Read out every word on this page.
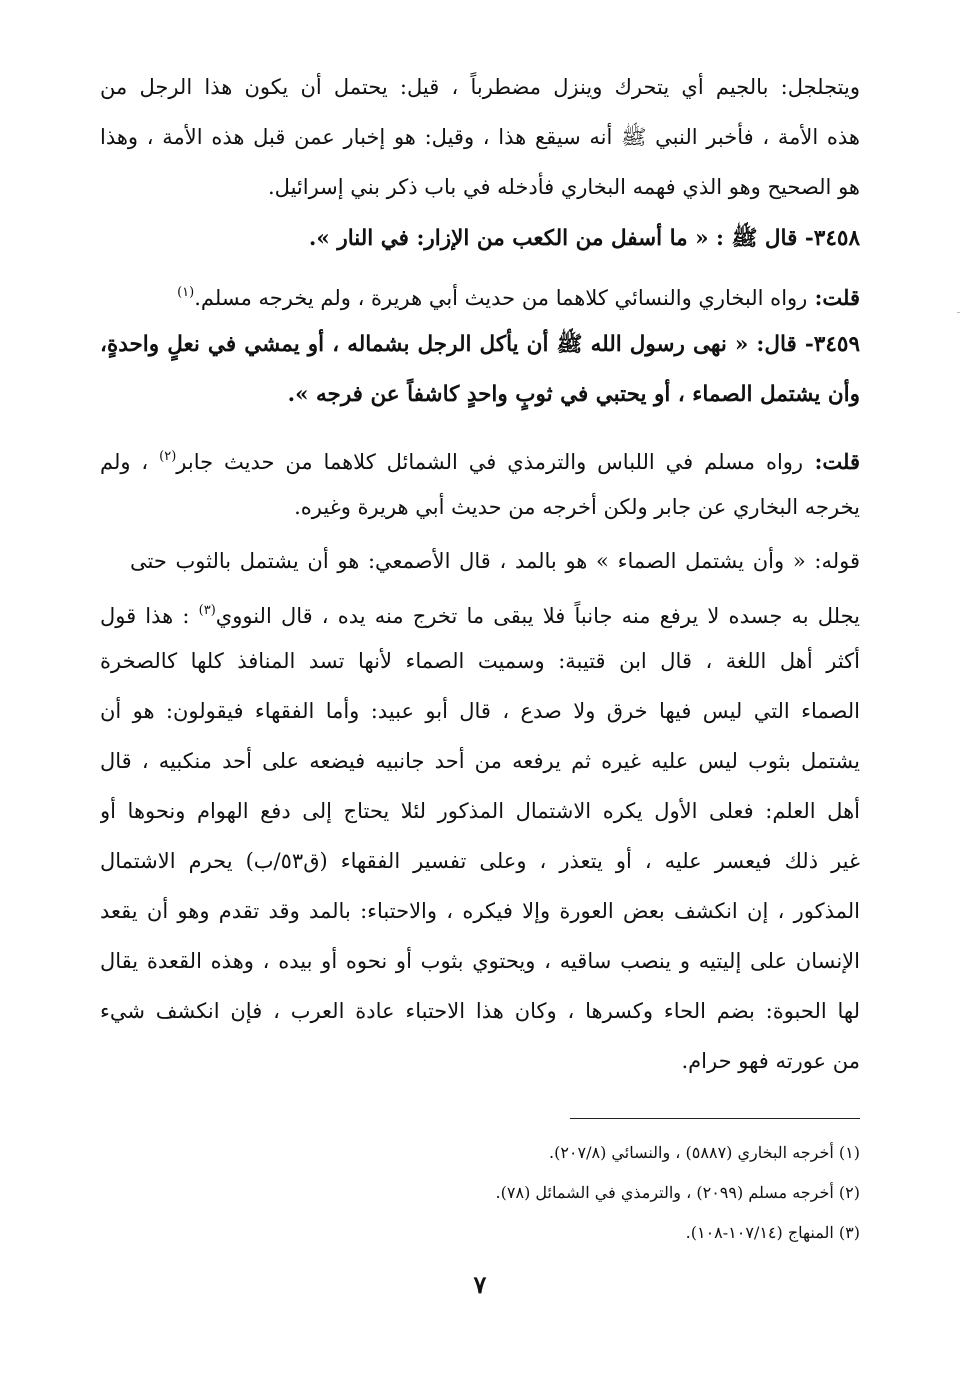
ويتجلجل: بالجيم أي يتحرك وينزل مضطرباً ، قيل: يحتمل أن يكون هذا الرجل من
هذه الأمة ، فأخبر النبي ﷺ أنه سيقع هذا ، وقيل: هو إخبار عمن قبل هذه الأمة ، وهذا
هو الصحيح وهو الذي فهمه البخاري فأدخله في باب ذكر بني إسرائيل.
٣٤٥٨- قال ﷺ : « ما أسفل من الكعب من الإزار: في النار ».
قلت: رواه البخاري والنسائي كلاهما من حديث أبي هريرة ، ولم يخرجه مسلم.$^{(١)}$
٣٤٥٩- قال: « نهى رسول الله ﷺ أن يأكل الرجل بشماله ، أو يمشي في نعلٍ واحدةٍ،
وأن يشتمل الصماء ، أو يحتبي في ثوبٍ واحدٍ كاشفاً عن فرجه ».
قلت: رواه مسلم في اللباس والترمذي في الشمائل كلاهما من حديث جابر$^{(٢)}$ ، ولم
يخرجه البخاري عن جابر ولكن أخرجه من حديث أبي هريرة وغيره.
قوله: « وأن يشتمل الصماء » هو بالمد ، قال الأصمعي: هو أن يشتمل بالثوب حتى
يجلل به جسده لا يرفع منه جانباً فلا يبقى ما تخرج منه يده ، قال النووي$^{(٣)}$ : هذا قول
أكثر أهل اللغة ، قال ابن قتيبة: وسميت الصماء لأنها تسد المنافذ كلها كالصخرة
الصماء التي ليس فيها خرق ولا صدع ، قال أبو عبيد: وأما الفقهاء فيقولون: هو أن
يشتمل بثوب ليس عليه غيره ثم يرفعه من أحد جانبيه فيضعه على أحد منكبيه ، قال
أهل العلم: فعلى الأول يكره الاشتمال المذكور لئلا يحتاج إلى دفع الهوام ونحوها أو
غير ذلك فيعسر عليه ، أو يتعذر ، وعلى تفسير الفقهاء (ق٥٣/ب) يحرم الاشتمال
المذكور ، إن انكشف بعض العورة وإلا فيكره ، والاحتباء: بالمد وقد تقدم وهو أن يقعد
الإنسان على إليتيه و ينصب ساقيه ، ويحتوي بثوب أو نحوه أو بيده ، وهذه القعدة يقال
لها الحبوة: بضم الحاء وكسرها ، وكان هذا الاحتباء عادة العرب ، فإن انكشف شيء
من عورته فهو حرام.
(١) أخرجه البخاري (٥٨٨٧) ، والنسائي (٢٠٧/٨).
(٢) أخرجه مسلم (٢٠٩٩) ، والترمذي في الشمائل (٧٨).
(٣) المنهاج (١٠٧/١٤-١٠٨).
٧
